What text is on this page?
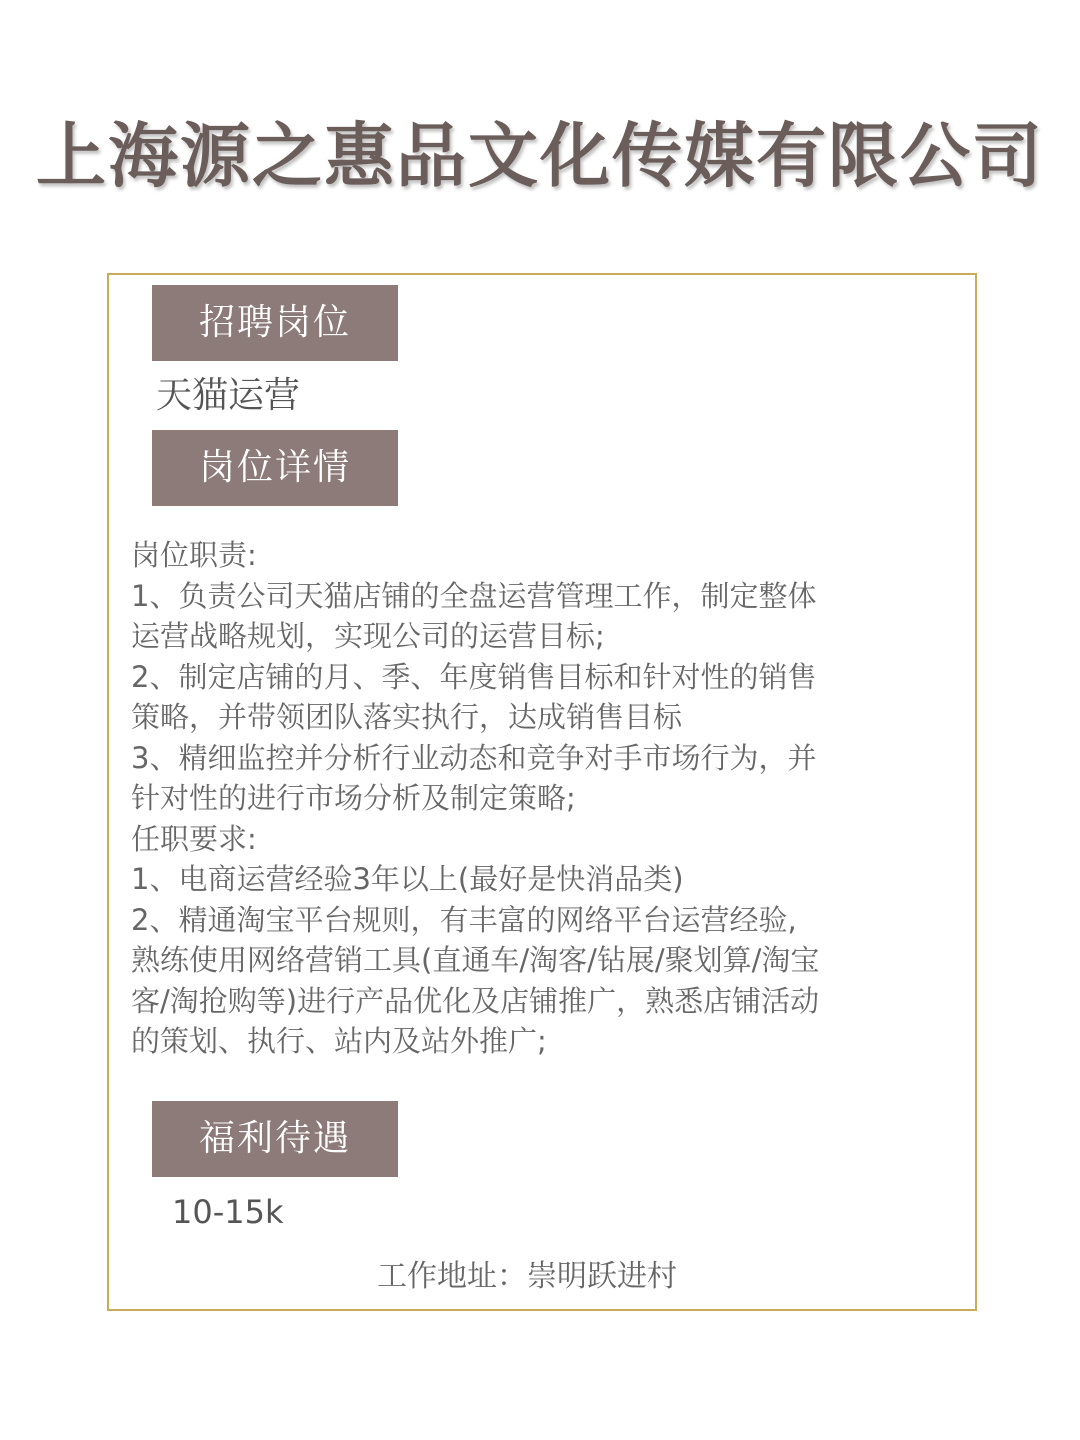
上海源之惠品文化传媒有限公司
招聘岗位
天猫运营
岗位详情
岗位职责:
1、负责公司天猫店铺的全盘运营管理工作，制定整体
运营战略规划，实现公司的运营目标;
2、制定店铺的月、季、年度销售目标和针对性的销售
策略，并带领团队落实执行，达成销售目标
3、精细监控并分析行业动态和竞争对手市场行为，并
针对性的进行市场分析及制定策略;
任职要求:
1、电商运营经验3年以上(最好是快消品类)
2、精通淘宝平台规则，有丰富的网络平台运营经验,
熟练使用网络营销工具(直通车/淘客/钻展/聚划算/淘宝
客/淘抢购等)进行产品优化及店铺推广，熟悉店铺活动
的策划、执行、站内及站外推广;
福利待遇
10-15k
工作地址：崇明跃进村
